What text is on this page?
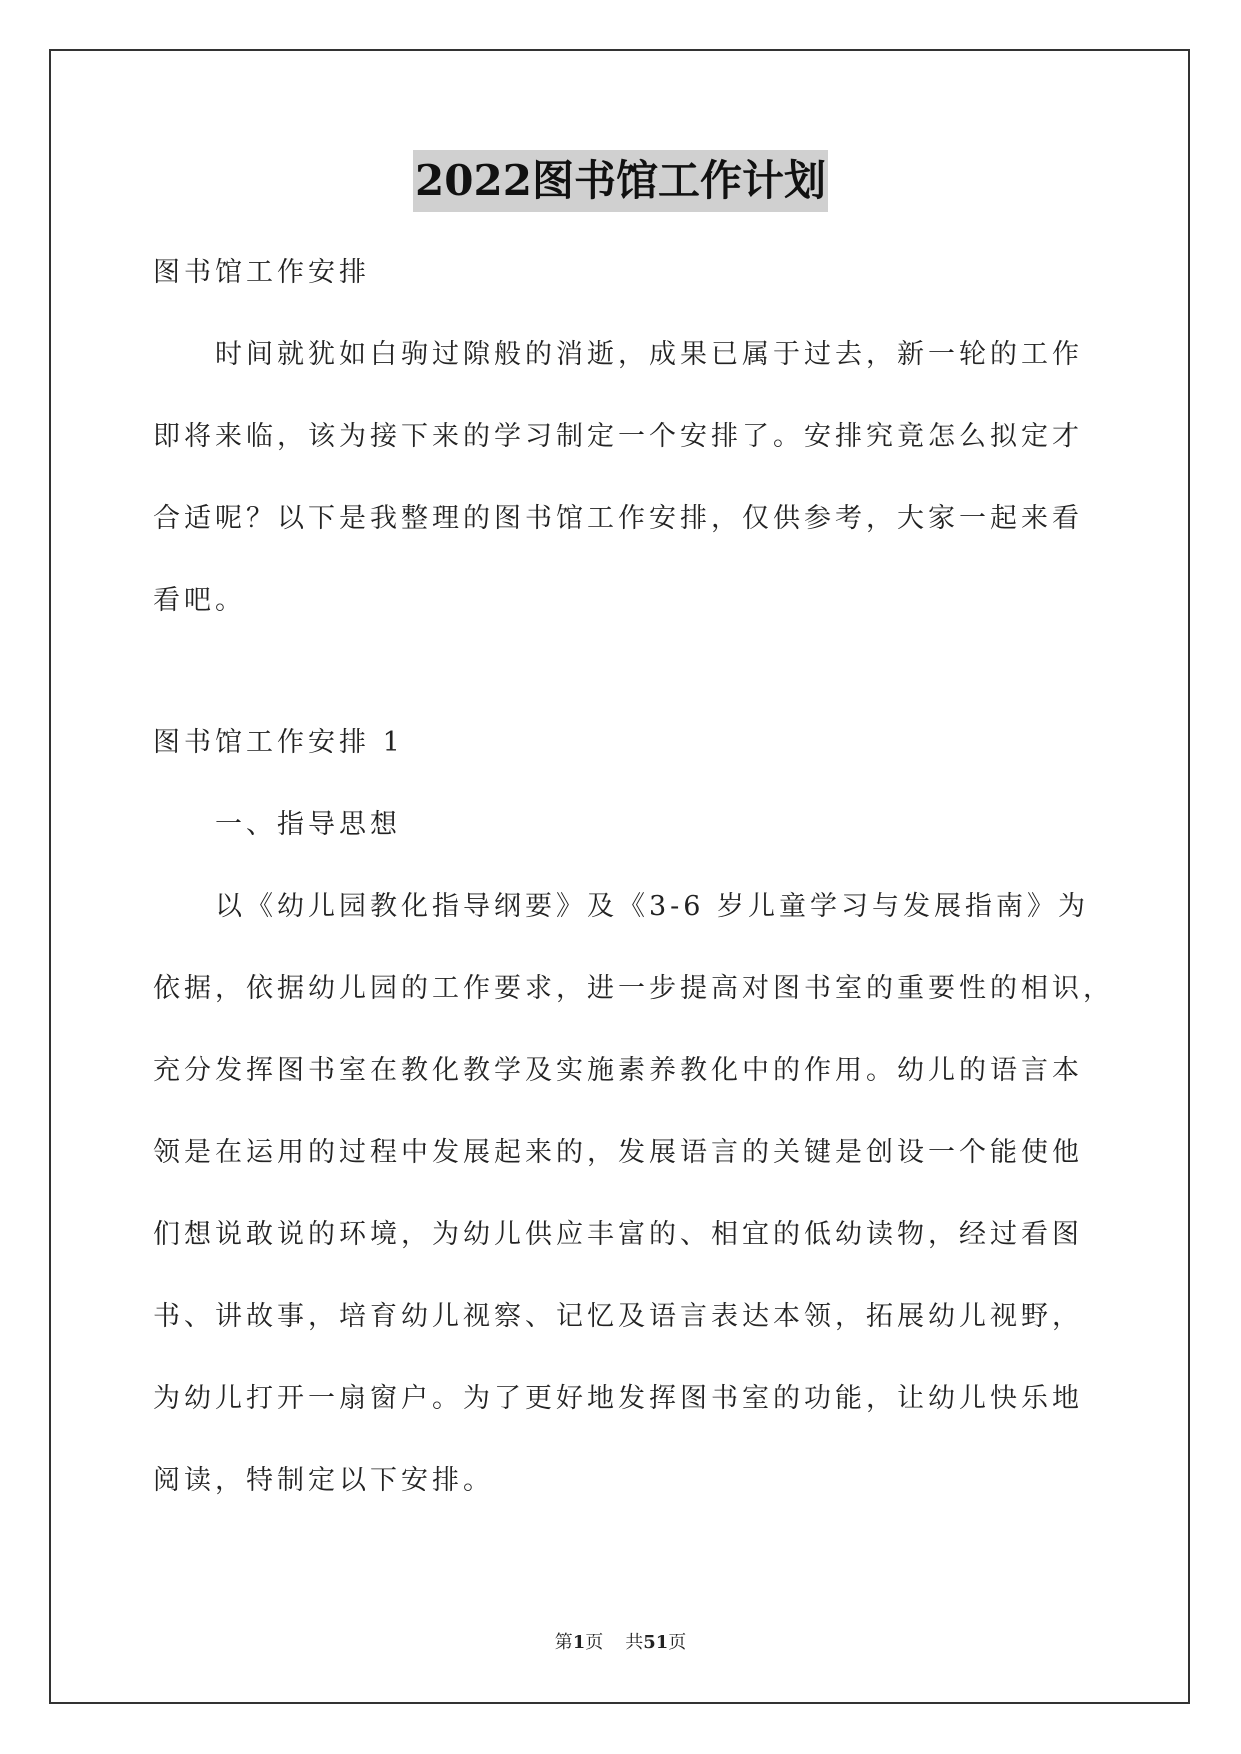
2022图书馆工作计划

图书馆工作安排

时间就犹如白驹过隙般的消逝，成果已属于过去，新一轮的工作

即将来临，该为接下来的学习制定一个安排了。安排究竟怎么拟定才

合适呢？以下是我整理的图书馆工作安排，仅供参考，大家一起来看

看吧。

图书馆工作安排 1

一、指导思想

以《幼儿园教化指导纲要》及《3-6 岁儿童学习与发展指南》为

依据，依据幼儿园的工作要求，进一步提高对图书室的重要性的相识，

充分发挥图书室在教化教学及实施素养教化中的作用。幼儿的语言本

领是在运用的过程中发展起来的，发展语言的关键是创设一个能使他

们想说敢说的环境，为幼儿供应丰富的、相宜的低幼读物，经过看图

书、讲故事，培育幼儿视察、记忆及语言表达本领，拓展幼儿视野，

为幼儿打开一扇窗户。为了更好地发挥图书室的功能，让幼儿快乐地

阅读，特制定以下安排。

第1页 共51页
